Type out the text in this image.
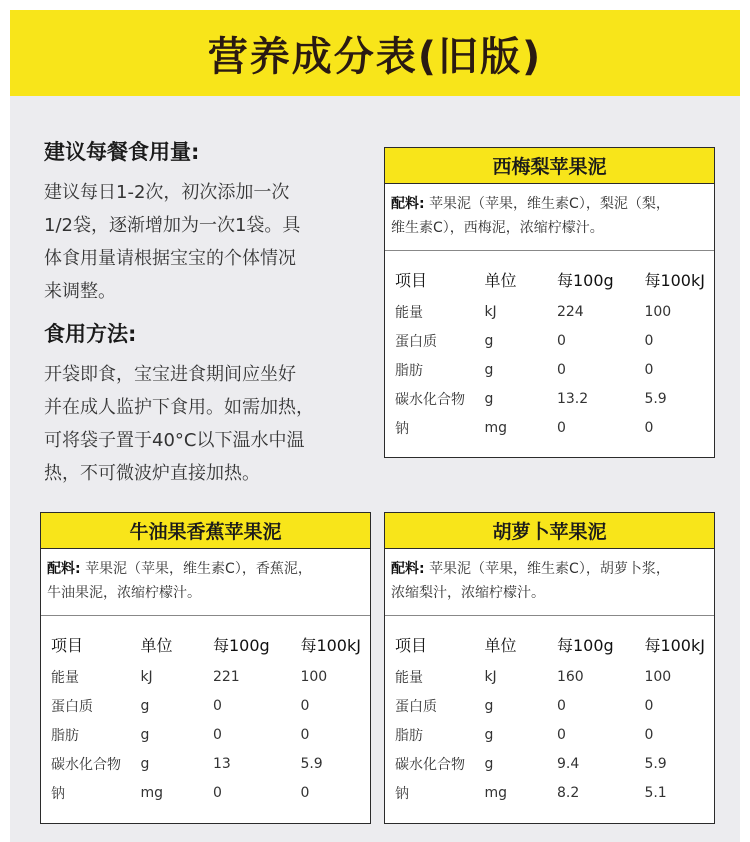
营养成分表(旧版)
建议每餐食用量:

建议每日1-2次，初次添加一次

1/2袋，逐渐增加为一次1袋。具

体食用量请根据宝宝的个体情况

来调整。

食用方法:

开袋即食，宝宝进食期间应坐好

并在成人监护下食用。如需加热，

可将袋子置于40°C以下温水中温

热，不可微波炉直接加热。

西梅梨苹果泥
配料: 苹果泥（苹果，维生素C），梨泥（梨，
维生素C），西梅泥，浓缩柠檬汁。
项目	单位	每100g	每100kJ
能量	kJ	224	100
蛋白质	g	0	0
脂肪	g	0	0
碳水化合物	g	13.2	5.9
钠	mg	0	0
牛油果香蕉苹果泥
配料: 苹果泥（苹果，维生素C），香蕉泥，
牛油果泥，浓缩柠檬汁。
项目	单位	每100g	每100kJ
能量	kJ	221	100
蛋白质	g	0	0
脂肪	g	0	0
碳水化合物	g	13	5.9
钠	mg	0	0
胡萝卜苹果泥
配料: 苹果泥（苹果，维生素C），胡萝卜浆，
浓缩梨汁，浓缩柠檬汁。
项目	单位	每100g	每100kJ
能量	kJ	160	100
蛋白质	g	0	0
脂肪	g	0	0
碳水化合物	g	9.4	5.9
钠	mg	8.2	5.1
